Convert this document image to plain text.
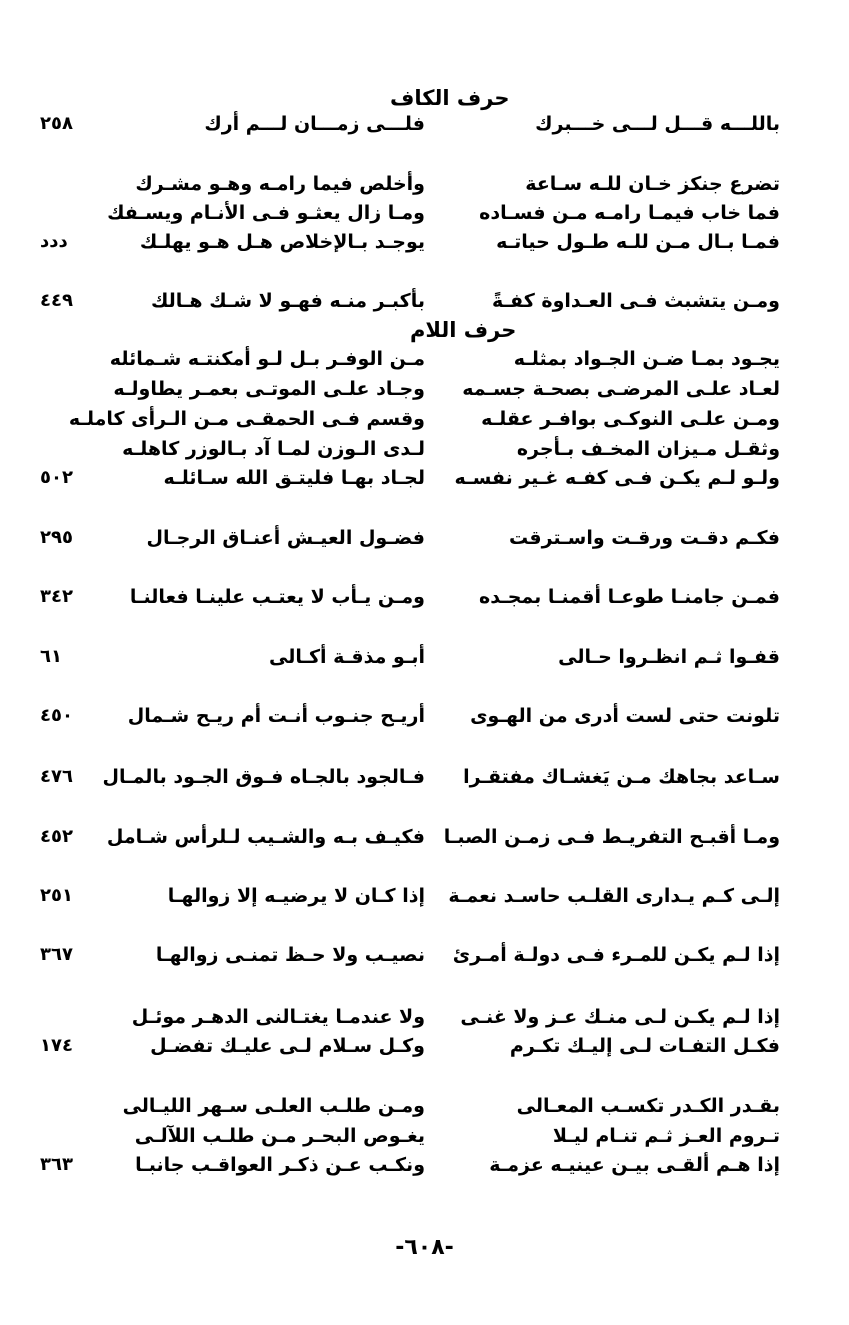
حرف الكاف
حرف اللام
باللـــه قـــل لـــى خـــبرك
فلـــى زمـــان لـــم أرك
٢٥٨
تضرع جنكز خـان للـه سـاعة
وأخلص فيما رامـه وهـو مشـرك
فما خاب فيمـا رامـه مـن فسـاده
ومـا زال يعثـو فـى الأنـام ويسـفك
فمـا بـال مـن للـه طـول حياتـه
يوجـد بـالإخلاص هـل هـو يهلـك
ددد
ومـن يتشبث فـى العـداوة كفـةً
بأكبـر منـه فهـو لا شـك هـالك
٤٤٩
يجـود بمـا ضـن الجـواد بمثلـه
مـن الوفـر بـل لـو أمكنتـه شـمائله
لعـاد علـى المرضـى بصحـة جسـمه
وجـاد علـى الموتـى بعمـر يطاولـه
ومـن علـى النوكـى بوافـر عقلـه
وقسم فـى الحمقـى مـن الـرأى كاملـه
وثقـل مـيزان المخـف بـأجره
لـدى الـوزن لمـا آد بـالوزر كاهلـه
ولـو لـم يكـن فـى كفـه غـير نفسـه
لجـاد بهـا فليتـق الله سـائلـه
٥٠٢
فكـم دقـت ورقـت واسـترقت
فضـول العيـش أعنـاق الرجـال
٢٩٥
فمـن جامنـا طوعـا أقمنـا بمجـده
ومـن يـأب لا يعتـب علينـا فعالنـا
٣٤٢
قفـوا ثـم انظـروا حـالى
أبـو مذقـة أكـالى
٦١
تلونت حتى لست أدرى من الهـوى
أريـح جنـوب أنـت أم ريـح شـمال
٤٥٠
سـاعد بجاهك مـن يَغشـاك مفتقـرا
فـالجود بالجـاه فـوق الجـود بالمـال
٤٧٦
ومـا أقبـح التفريـط فـى زمـن الصبـا
فكيـف بـه والشـيب لـلرأس شـامل
٤٥٢
إلـى كـم يـدارى القلـب حاسـد نعمـة
إذا كـان لا يرضيـه إلا زوالهـا
٢٥١
إذا لـم يكـن للمـرء فـى دولـة أمـرئ
نصيـب ولا حـظ تمنـى زوالهـا
٣٦٧
إذا لـم يكـن لـى منـك عـز ولا غنـى
ولا عندمـا يغتـالنى الدهـر موئـل
فكـل التفـات لـى إليـك تكـرم
وكـل سـلام لـى عليـك تفضـل
١٧٤
بقـدر الكـدر تكسـب المعـالى
ومـن طلـب العلـى سـهر الليـالى
تـروم العـز ثـم تنـام ليـلا
يغـوص البحـر مـن طلـب اللآلـى
إذا هـم ألقـى بيـن عينيـه عزمـة
ونكـب عـن ذكـر العواقـب جانبـا
٣٦٣
-٦٠٨-
